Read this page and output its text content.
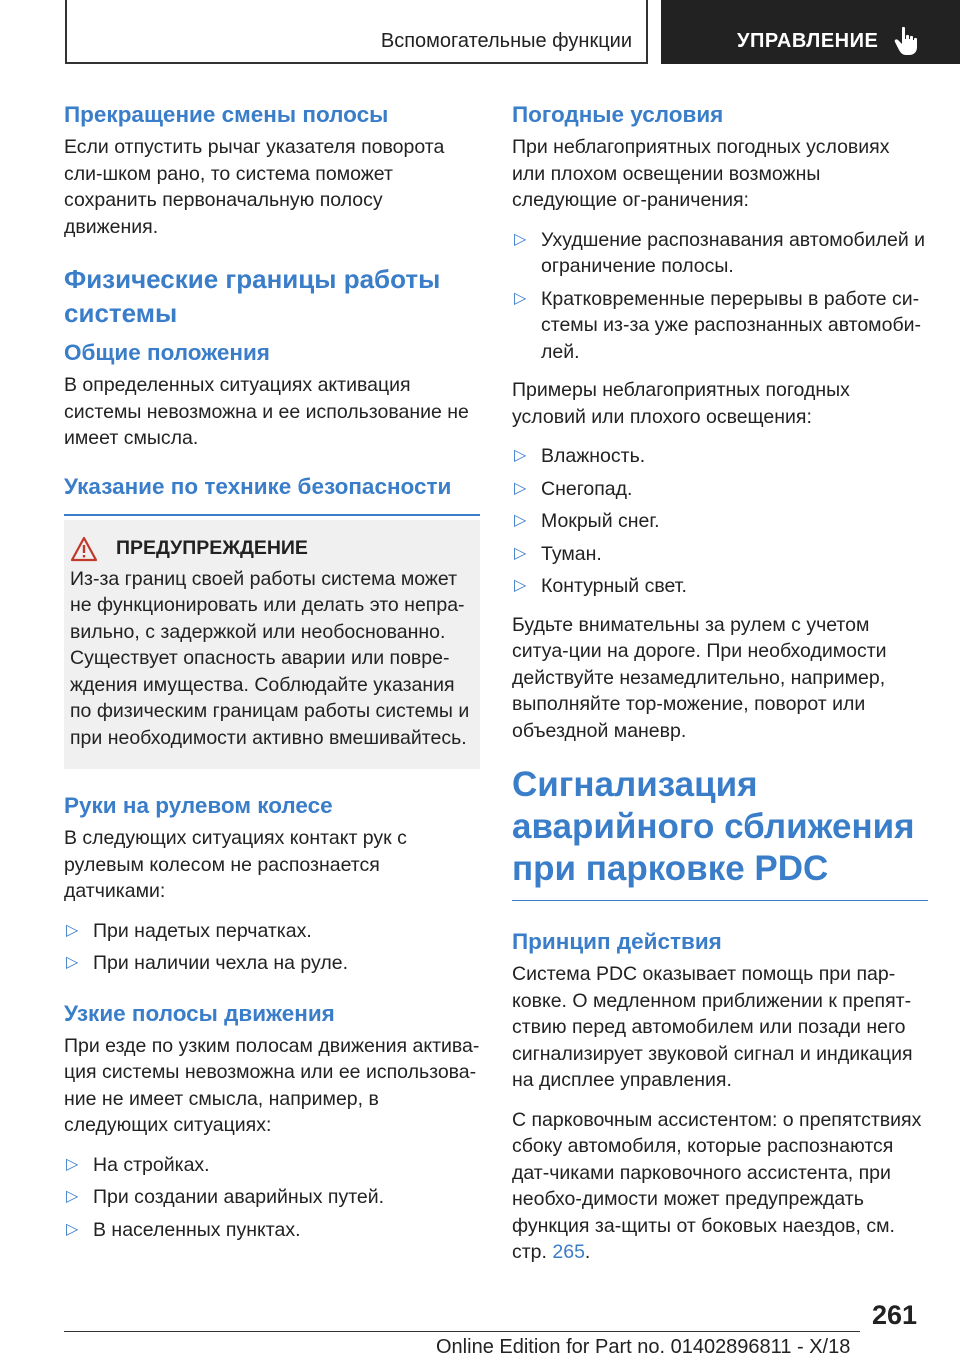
Вспомогательные функции	УПРАВЛЕНИЕ
Прекращение смены полосы

Если отпустить рычаг указателя поворота сли-шком рано, то система поможет сохранить первоначальную полосу движения.

Физические границы работы системы
Общие положения

В определенных ситуациях активация системы невозможна и ее использование не имеет смысла.

Указание по технике безопасности
ПРЕДУПРЕЖДЕНИЕ

Из-за границ своей работы система может не функционировать или делать это непра-вильно, с задержкой или необоснованно. Существует опасность аварии или повре-ждения имущества. Соблюдайте указания по физическим границам работы системы и при необходимости активно вмешивайтесь.

Руки на рулевом колесе

В следующих ситуациях контакт рук с рулевым колесом не распознается датчиками:

▷ При надетых перчатках.
▷ При наличии чехла на руле.
Узкие полосы движения

При езде по узким полосам движения актива-ция системы невозможна или ее использова-ние не имеет смысла, например, в следующих ситуациях:

▷ На стройках.
▷ При создании аварийных путей.
▷ В населенных пунктах.
Погодные условия

При неблагоприятных погодных условиях или плохом освещении возможны следующие ог-раничения:

▷ Ухудшение распознавания автомобилей и ограничение полосы.
▷ Кратковременные перерывы в работе си-стемы из-за уже распознанных автомоби-лей.

Примеры неблагоприятных погодных условий или плохого освещения:

▷ Влажность.
▷ Снегопад.
▷ Мокрый снег.
▷ Туман.
▷ Контурный свет.

Будьте внимательны за рулем с учетом ситуа-ции на дороге. При необходимости действуйте незамедлительно, например, выполняйте тор-можение, поворот или объездной маневр.

Сигнализация аварийного сближения при парковке PDC
Принцип действия

Система PDC оказывает помощь при пар-ковке. О медленном приближении к препят-ствию перед автомобилем или позади него сигнализирует звуковой сигнал и индикация на дисплее управления.

С парковочным ассистентом: о препятствиях сбоку автомобиля, которые распознаются дат-чиками парковочного ассистента, при необхо-димости может предупреждать функция за-щиты от боковых наездов, см. стр. 265.

261
Online Edition for Part no. 01402896811 - X/18
